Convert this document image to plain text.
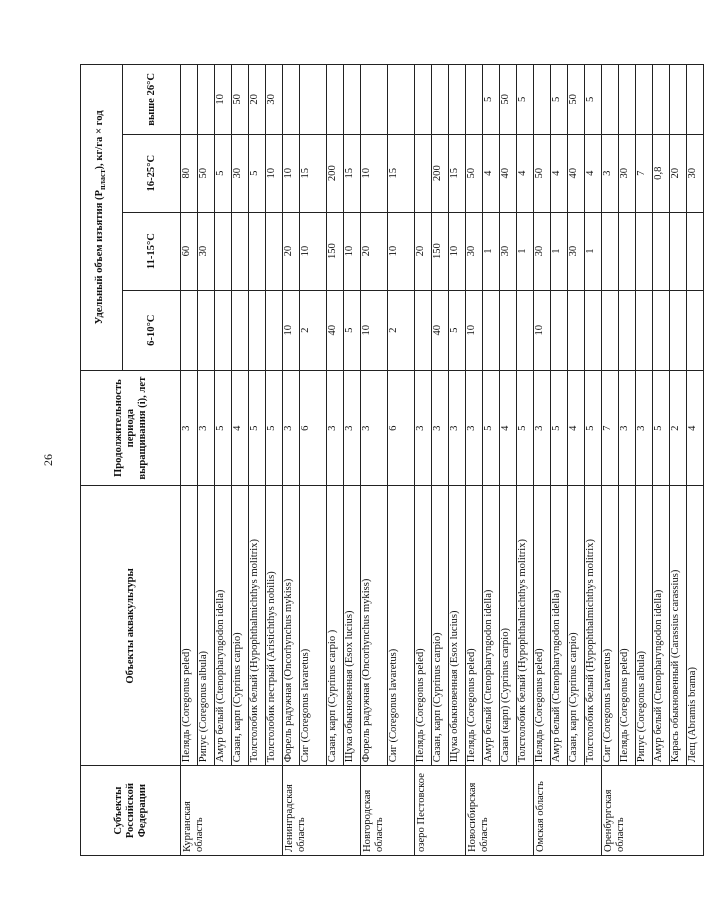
26
Субъекты Российской Федерации	Объекты аквакультуры	Продолжительность периода выращивания (i), лет	Удельный объем изъятия $(P_{пласт})$, кг/га × год			
			6-10°С	11-15°С	16-25°С	выше 26°С
Курганская область	Пелядь (Coregonus peled)	3		60	80	
	Рипус (Coregonus albula)	3		30	50	
	Амур белый (Ctenopharyngodon idella)	5			5	10
	Сазан, карп (Cyprinus carpio)	4			30	50
	Толстолобик белый (Hypophthalmichthys molitrix)	5			5	20
	Толстолобик пестрый (Aristichthys nobilis)	5			10	30
Ленинградская область	Форель радужная (Oncorhynchus mykiss)	3	10	20	10	
	Сиг (Coregonus lavaretus)	6	2	10	15	
	Сазан, карп (Cyprinus carpio )	3	40	150	200	
	Щука обыкновенная (Esox lucius)	3	5	10	15	
Новгородская область	Форель радужная (Oncorhynchus mykiss)	3	10	20	10	
	Сиг (Coregonus lavaretus)	6	2	10	15	
озеро Пестовское	Пелядь (Coregonus peled)	3		20		
	Сазан, карп (Cyprinus carpio)	3	40	150	200	
	Щука обыкновенная (Esox lucius)	3	5	10	15	
Новосибирская область	Пелядь (Coregonus peled)	3	10	30	50	
	Амур белый (Ctenopharyngodon idella)	5		1	4	5
	Сазан (карп) (Cyprinus carpio)	4		30	40	50
	Толстолобик белый (Hypophthalmichthys molitrix)	5		1	4	5
Омская область	Пелядь (Coregonus peled)	3	10	30	50	
	Амур белый (Ctenopharyngodon idella)	5		1	4	5
	Сазан, карп (Cyprinus carpio)	4		30	40	50
	Толстолобик белый (Hypophthalmichthys molitrix)	5		1	4	5
Оренбургская область	Сиг (Coregonus lavaretus)	7			3	
	Пелядь (Coregonus peled)	3			30	
	Рипус (Coregonus albula)	3			7	
	Амур белый (Ctenopharyngodon idella)	5			0,8	
	Карась обыкновенный (Carassius carassius)	2			20	
	Лещ (Abramis brama)	4			30	
